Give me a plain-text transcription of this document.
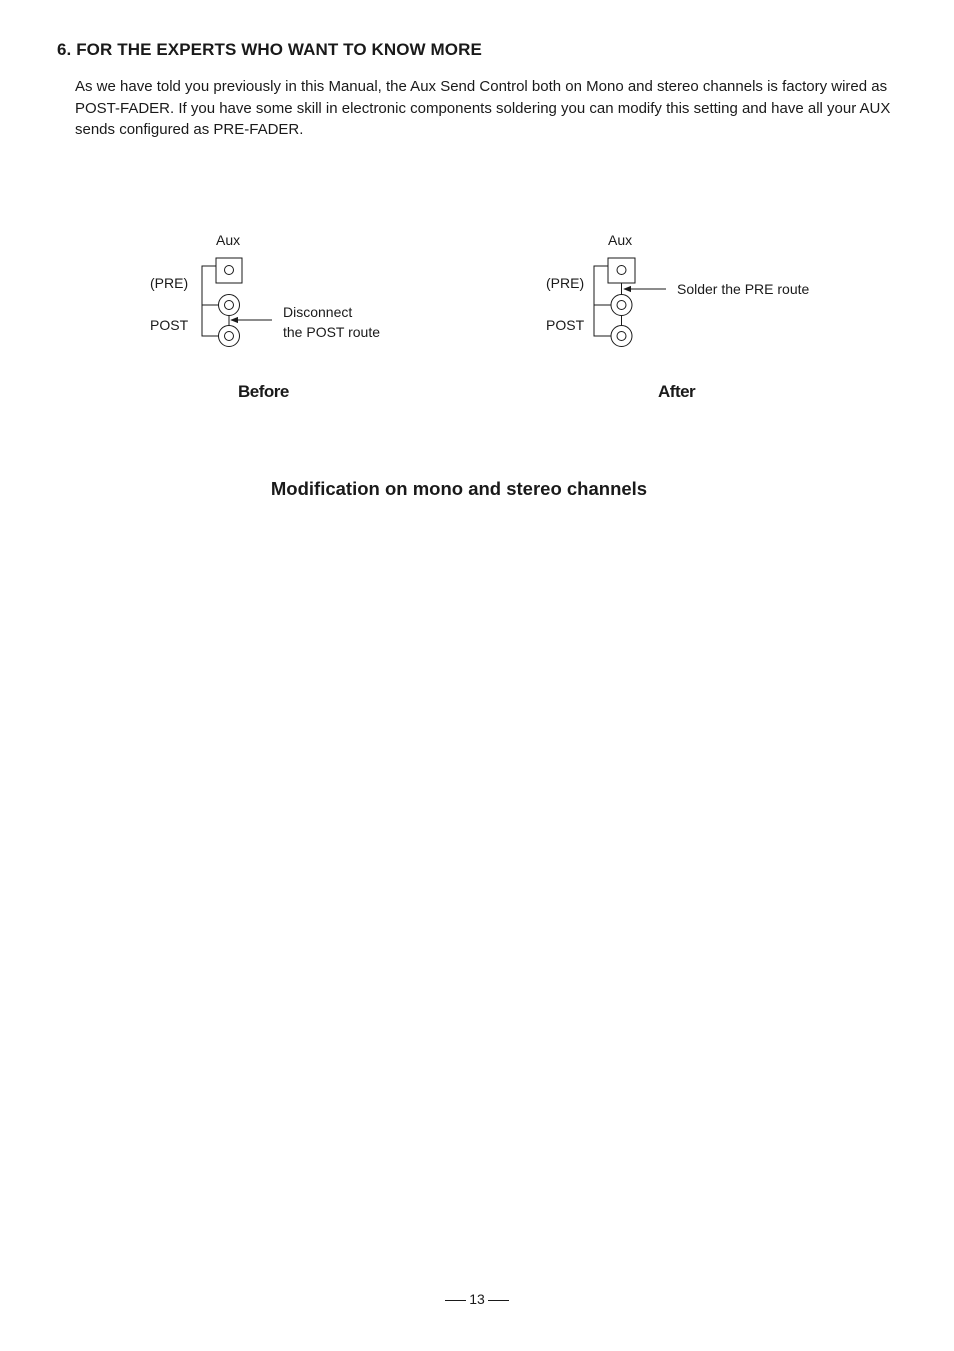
6. FOR THE EXPERTS WHO WANT TO KNOW MORE

As we have told you previously in this Manual, the Aux Send Control both on Mono and stereo channels is factory wired as POST-FADER. If you have some skill in electronic components soldering you can modify this setting and have all your AUX sends configured as PRE-FADER.

Aux
(PRE)
POST
Disconnect
the POST route
Before
Aux
(PRE)
POST
Solder the PRE route
After
Modification on mono and stereo channels
13
